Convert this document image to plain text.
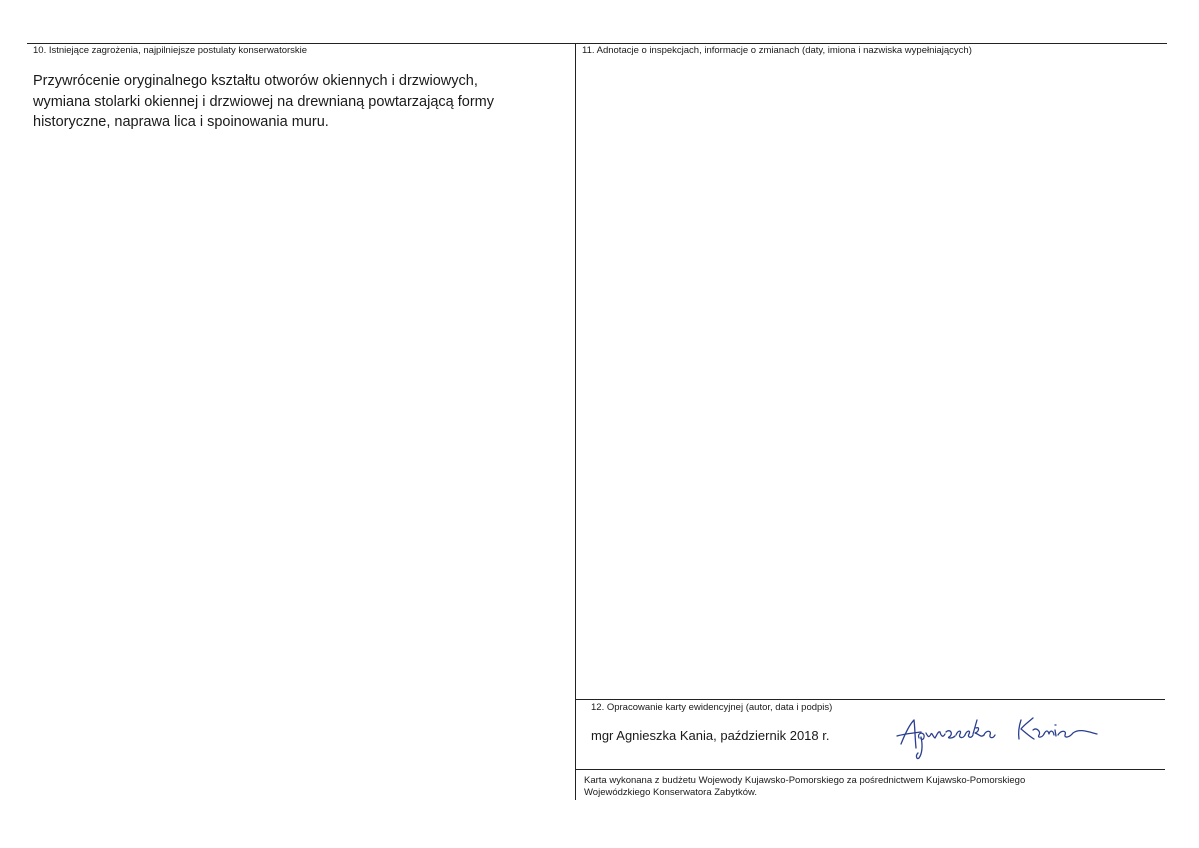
10. Istniejące zagrożenia, najpilniejsze postulaty konserwatorskie
Przywrócenie oryginalnego kształtu otworów okiennych i drzwiowych,
wymiana stolarki okiennej i drzwiowej na drewnianą powtarzającą formy
historyczne, naprawa lica i spoinowania muru.
11. Adnotacje o inspekcjach, informacje o zmianach (daty, imiona i nazwiska wypełniających)
12. Opracowanie karty ewidencyjnej (autor, data i podpis)
mgr Agnieszka Kania, październik 2018 r.
Karta wykonana z budżetu Wojewody Kujawsko-Pomorskiego za pośrednictwem Kujawsko-Pomorskiego
Wojewódzkiego Konserwatora Zabytków.
